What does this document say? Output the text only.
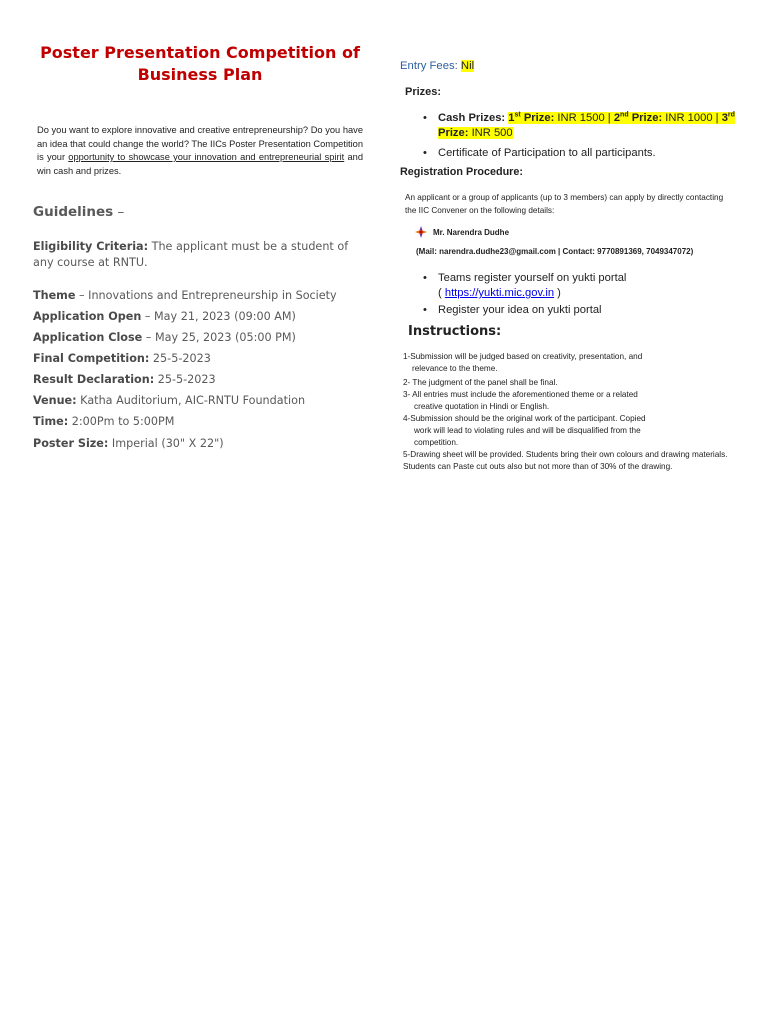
Poster Presentation Competition of
Business Plan
Do you want to explore innovative and creative entrepreneurship? Do you have an idea that could change the world? The IICs Poster Presentation Competition is your opportunity to showcase your innovation and entrepreneurial spirit and win cash and prizes.
Guidelines –
Eligibility Criteria: The applicant must be a student of any course at RNTU.
Theme – Innovations and Entrepreneurship in Society
Application Open – May 21, 2023 (09:00 AM)
Application Close – May 25, 2023 (05:00 PM)
Final Competition: 25-5-2023
Result Declaration: 25-5-2023
Venue: Katha Auditorium, AIC-RNTU Foundation
Time: 2:00Pm to 5:00PM
Poster Size: Imperial (30" X 22")
Entry Fees: Nil
Prizes:
• Cash Prizes: 1st Prize: INR 1500 | 2nd Prize: INR 1000 | 3rd Prize: INR 500
• Certificate of Participation to all participants.
Registration Procedure:
An applicant or a group of applicants (up to 3 members) can apply by directly contacting the IIC Convener on the following details:
Mr. Narendra Dudhe
(Mail: narendra.dudhe23@gmail.com | Contact: 9770891369, 7049347072)
• Teams register yourself on yukti portal
( https://yukti.mic.gov.in )
• Register your idea on yukti portal
Instructions:
1-Submission will be judged based on creativity, presentation, and
relevance to the theme.
2- The judgment of the panel shall be final.
3- All entries must include the aforementioned theme or a related
creative quotation in Hindi or English.
4-Submission should be the original work of the participant. Copied
work will lead to violating rules and will be disqualified from the
competition.
5-Drawing sheet will be provided. Students bring their own colours and drawing materials. Students can Paste cut outs also but not more than of 30% of the drawing.
